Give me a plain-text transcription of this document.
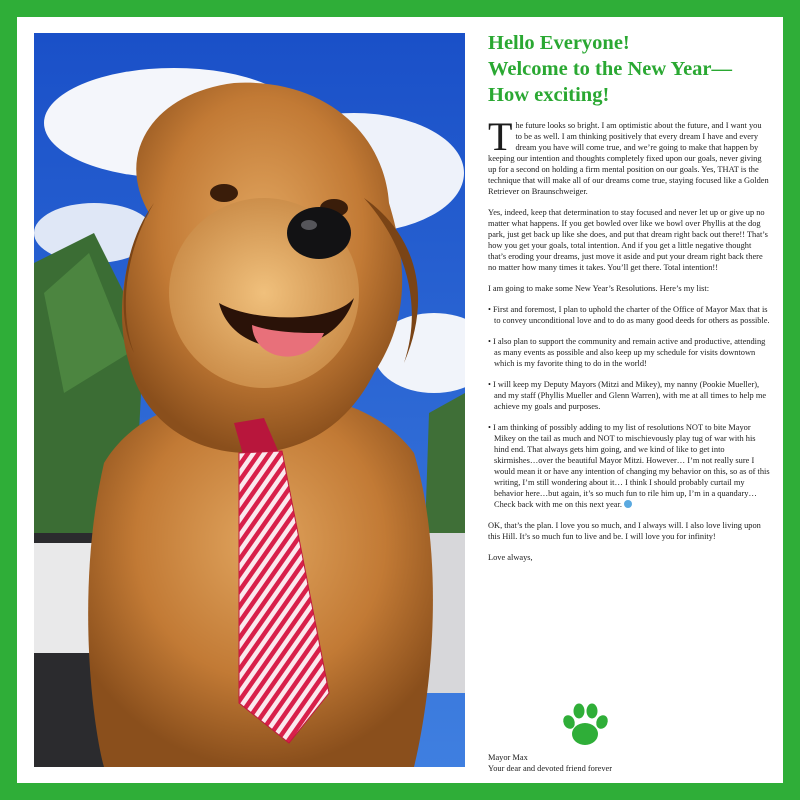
Hello Everyone!
Welcome to the New Year—
How exciting!

The future looks so bright. I am optimistic about the future, and I want you to be as well. I am thinking positively that every dream I have and every dream you have will come true, and we’re going to make that happen by keeping our intention and thoughts completely fixed upon our goals, never giving up for a second on holding a firm mental position on our goals. Yes, THAT is the technique that will make all of our dreams come true, staying focused like a Golden Retriever on Braunschweiger.

Yes, indeed, keep that determination to stay focused and never let up or give up no matter what happens. If you get bowled over like we bowl over Phyllis at the dog park, just get back up like she does, and put that dream right back out there!! That’s how you get your goals, total intention. And if you get a little negative thought that’s eroding your dreams, just move it aside and put your dream right back there no matter how many times it takes. You’ll get there. Total intention!!

I am going to make some New Year’s Resolutions. Here’s my list:

• First and foremost, I plan to uphold the charter of the Office of Mayor Max that is to convey unconditional love and to do as many good deeds for others as possible.

• I also plan to support the community and remain active and productive, attending as many events as possible and also keep up my schedule for visits downtown which is my favorite thing to do in the world!

• I will keep my Deputy Mayors (Mitzi and Mikey), my nanny (Pookie Mueller), and my staff (Phyllis Mueller and Glenn Warren), with me at all times to help me achieve my goals and purposes.

• I am thinking of possibly adding to my list of resolutions NOT to bite Mayor Mikey on the tail as much and NOT to mischievously play tug of war with his hind end. That always gets him going, and we kind of like to get into skirmishes…over the beautiful Mayor Mitzi. However… I’m not really sure I would mean it or have any intention of changing my behavior on this, so as of this writing, I’m still wondering about it… I think I should probably curtail my behavior here…but again, it’s so much fun to rile him up, I’m in a quandary… Check back with me on this next year.

OK, that’s the plan. I love you so much, and I always will. I also love living upon this Hill. It’s so much fun to live and be. I will love you for infinity!

Love always,

Mayor Max
Your dear and devoted friend forever
